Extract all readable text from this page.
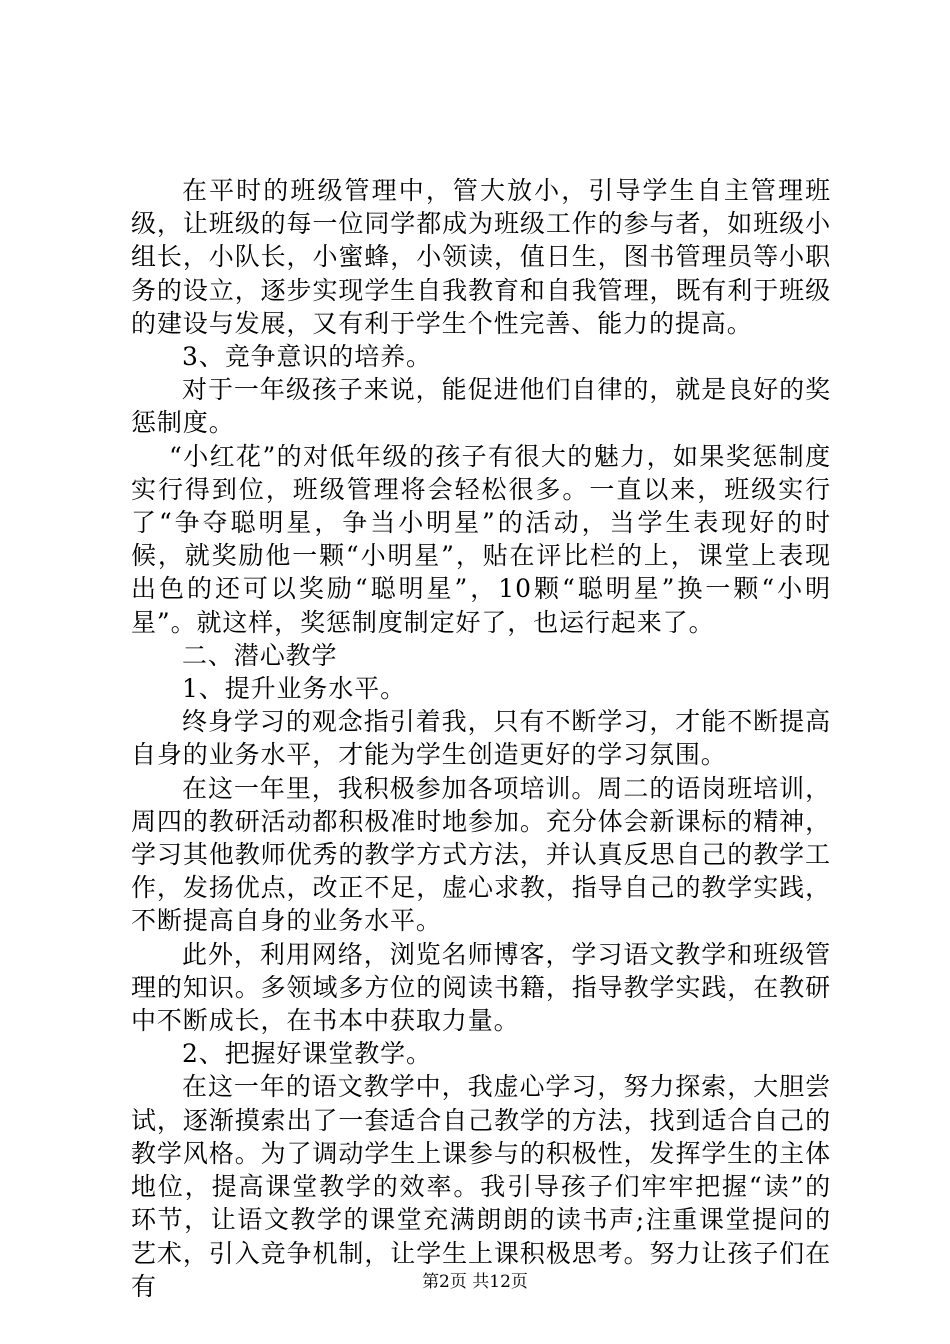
在平时的班级管理中，管大放小，引导学生自主管理班级，让班级的每一位同学都成为班级工作的参与者，如班级小组长，小队长，小蜜蜂，小领读，值日生，图书管理员等小职务的设立，逐步实现学生自我教育和自我管理，既有利于班级的建设与发展，又有利于学生个性完善、能力的提高。

3、竞争意识的培养。

对于一年级孩子来说，能促进他们自律的，就是良好的奖惩制度。

“小红花”的对低年级的孩子有很大的魅力，如果奖惩制度实行得到位，班级管理将会轻松很多。一直以来，班级实行了“争夺聪明星，争当小明星”的活动，当学生表现好的时候，就奖励他一颗“小明星”，贴在评比栏的上，课堂上表现出色的还可以奖励“聪明星”，10颗“聪明星”换一颗“小明星”。就这样，奖惩制度制定好了，也运行起来了。

二、潜心教学

1、提升业务水平。

终身学习的观念指引着我，只有不断学习，才能不断提高自身的业务水平，才能为学生创造更好的学习氛围。

在这一年里，我积极参加各项培训。周二的语岗班培训，周四的教研活动都积极准时地参加。充分体会新课标的精神，学习其他教师优秀的教学方式方法，并认真反思自己的教学工作，发扬优点，改正不足，虚心求教，指导自己的教学实践，不断提高自身的业务水平。

此外，利用网络，浏览名师博客，学习语文教学和班级管理的知识。多领域多方位的阅读书籍，指导教学实践，在教研中不断成长，在书本中获取力量。

2、把握好课堂教学。

在这一年的语文教学中，我虚心学习，努力探索，大胆尝试，逐渐摸索出了一套适合自己教学的方法，找到适合自己的教学风格。为了调动学生上课参与的积极性，发挥学生的主体地位，提高课堂教学的效率。我引导孩子们牢牢把握“读”的环节，让语文教学的课堂充满朗朗的读书声;注重课堂提问的艺术，引入竞争机制，让学生上课积极思考。努力让孩子们在有	第2页 共12页
